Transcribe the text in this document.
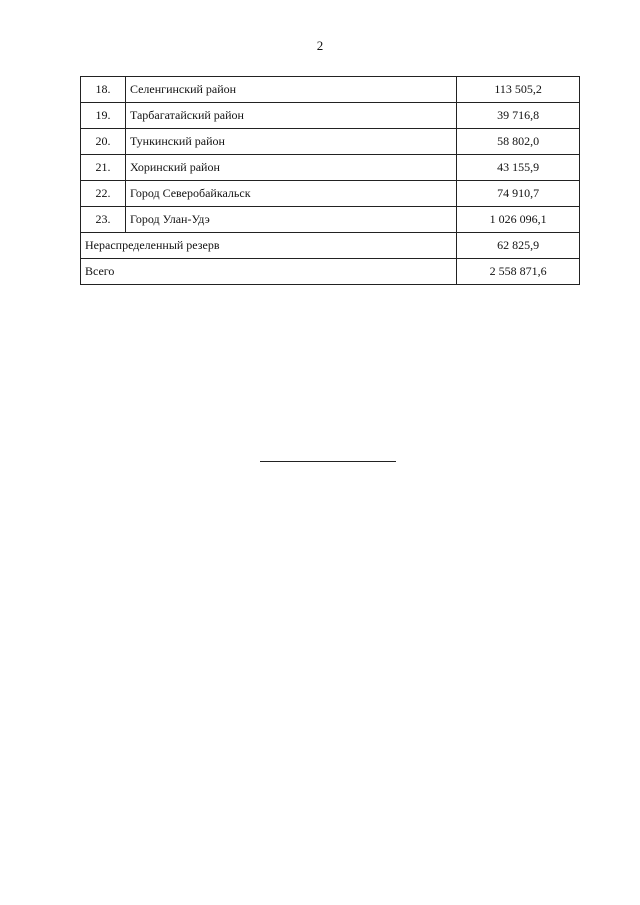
2
18.	Селенгинский район	113 505,2
19.	Тарбагатайский район	39 716,8
20.	Тункинский район	58 802,0
21.	Хоринский район	43 155,9
22.	Город Северобайкальск	74 910,7
23.	Город Улан-Удэ	1 026 096,1
Нераспределенный резерв		62 825,9
Всего		2 558 871,6
